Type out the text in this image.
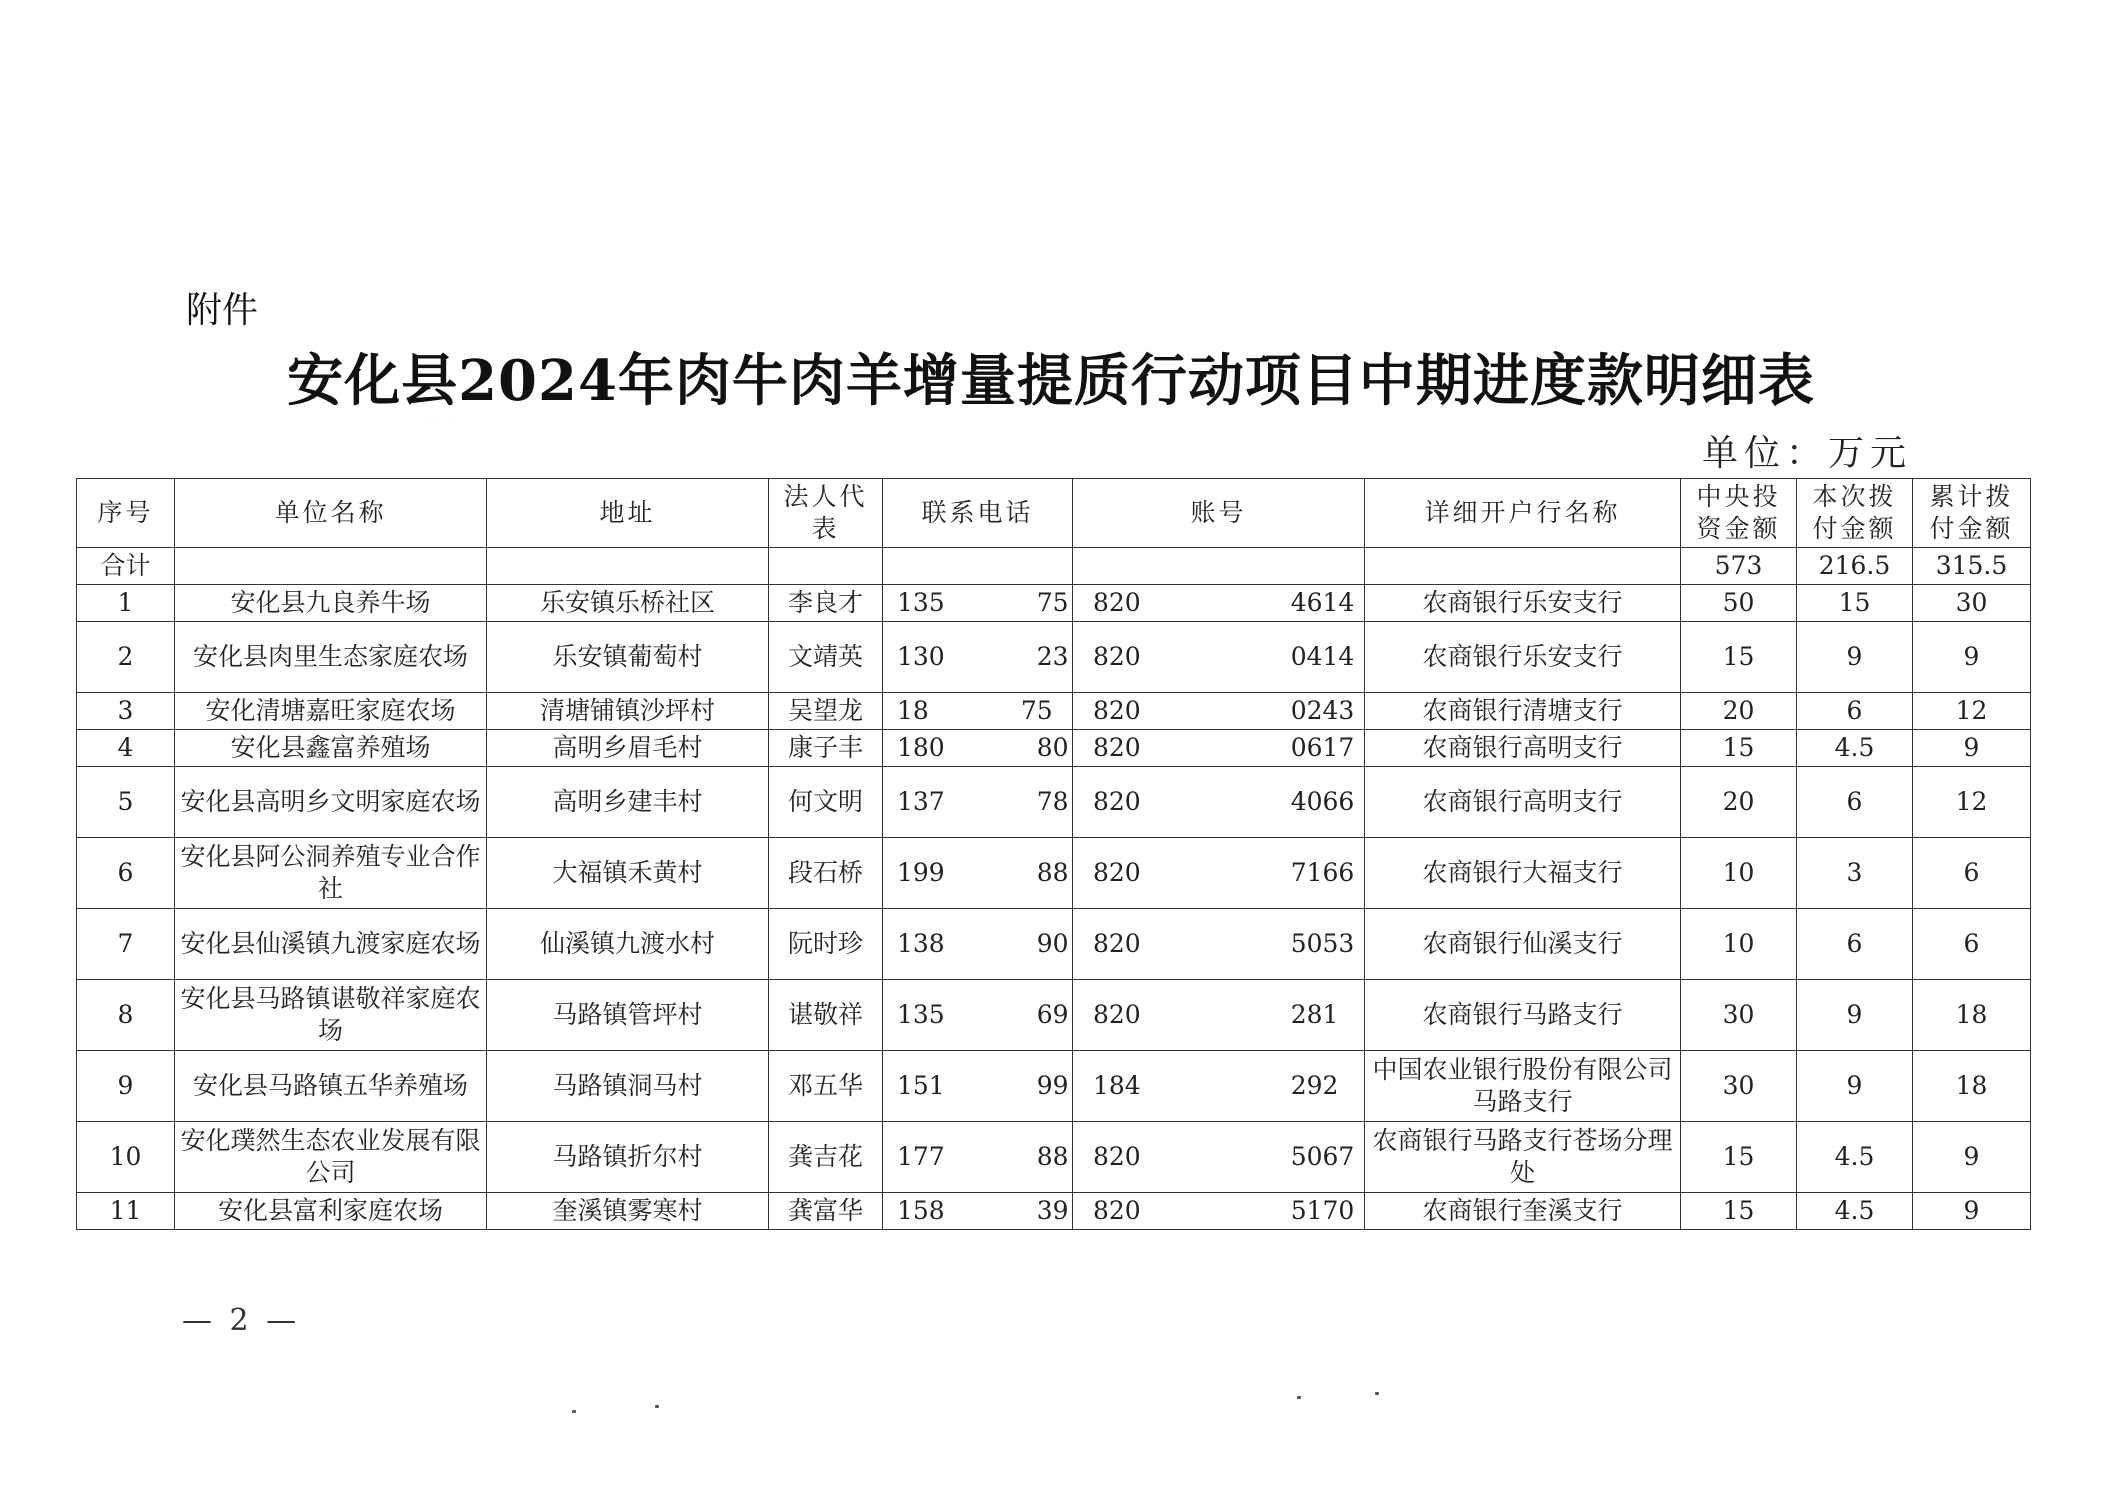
附件
安化县2024年肉牛肉羊增量提质行动项目中期进度款明细表
单位：万元
序号	单位名称	地址	法人代表	联系电话	账号	详细开户行名称	中央投资金额	本次拨付金额	累计拨付金额
合计							573	216.5	315.5
1	安化县九良养牛场	乐安镇乐桥社区	李良才	135 75	820 4614	农商银行乐安支行	50	15	30
2	安化县肉里生态家庭农场	乐安镇葡萄村	文靖英	130 23	820 0414	农商银行乐安支行	15	9	9
3	安化清塘嘉旺家庭农场	清塘铺镇沙坪村	吴望龙	18 75	820 0243	农商银行清塘支行	20	6	12
4	安化县鑫富养殖场	高明乡眉毛村	康子丰	180 80	820 0617	农商银行高明支行	15	4.5	9
5	安化县高明乡文明家庭农场	高明乡建丰村	何文明	137 78	820 4066	农商银行高明支行	20	6	12
6	安化县阿公洞养殖专业合作社	大福镇禾黄村	段石桥	199 88	820 7166	农商银行大福支行	10	3	6
7	安化县仙溪镇九渡家庭农场	仙溪镇九渡水村	阮时珍	138 90	820 5053	农商银行仙溪支行	10	6	6
8	安化县马路镇谌敬祥家庭农场	马路镇管坪村	谌敬祥	135 69	820 281	农商银行马路支行	30	9	18
9	安化县马路镇五华养殖场	马路镇洞马村	邓五华	151 99	184 292	中国农业银行股份有限公司马路支行	30	9	18
10	安化璞然生态农业发展有限公司	马路镇折尔村	龚吉花	177 88	820 5067	农商银行马路支行苍场分理处	15	4.5	9
11	安化县富利家庭农场	奎溪镇雾寒村	龚富华	158 39	820 5170	农商银行奎溪支行	15	4.5	9
— 2 —
